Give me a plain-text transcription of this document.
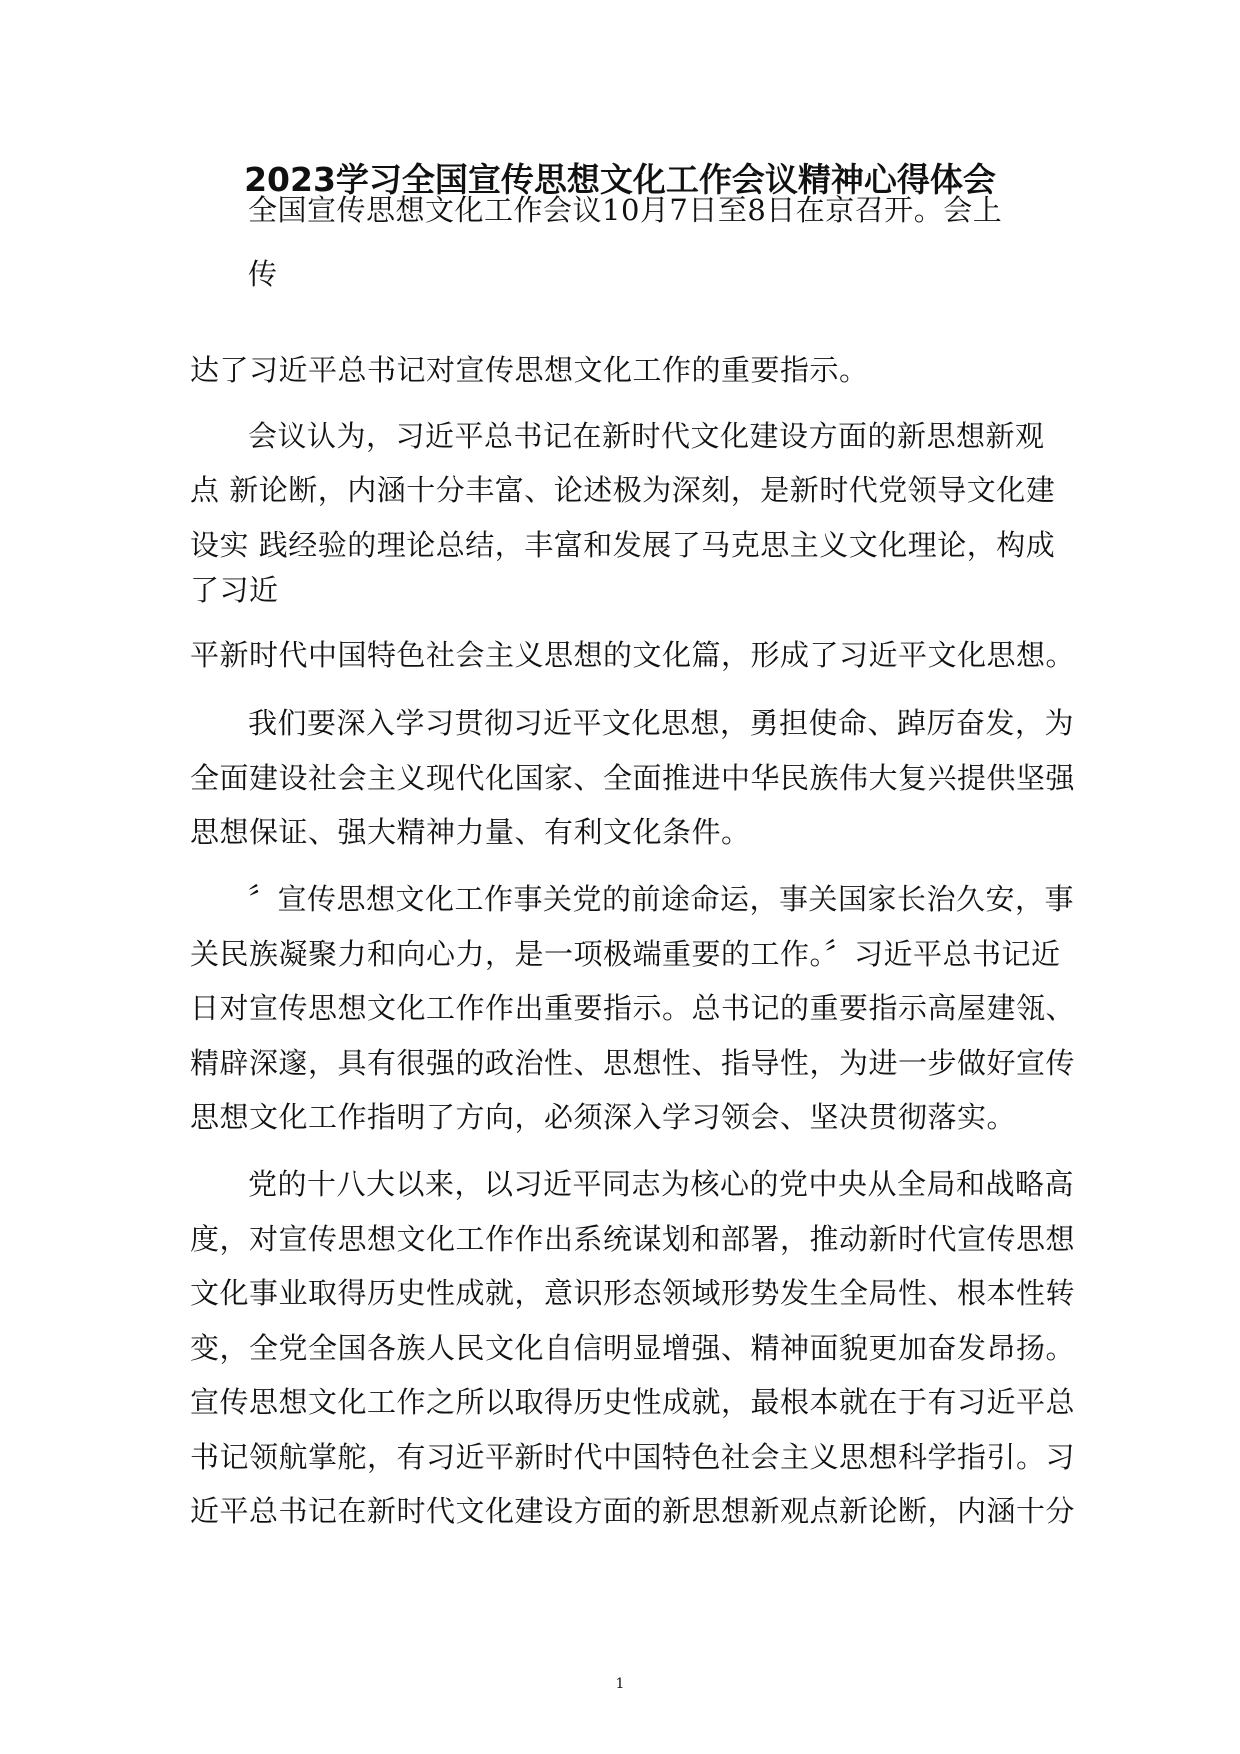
2023学习全国宣传思想文化工作会议精神心得体会
全国宣传思想文化工作会议10月7日至8日在京召开。会上
传
达了习近平总书记对宣传思想文化工作的重要指示。
会议认为，习近平总书记在新时代文化建设方面的新思想新观
点 新论断，内涵十分丰富、论述极为深刻，是新时代党领导文化建
设实 践经验的理论总结，丰富和发展了马克思主义文化理论，构成
了习近
平新时代中国特色社会主义思想的文化篇，形成了习近平文化思想。
我们要深入学习贯彻习近平文化思想，勇担使命、踔厉奋发，为
全面建设社会主义现代化国家、全面推进中华民族伟大复兴提供坚强
思想保证、强大精神力量、有利文化条件。
〞宣传思想文化工作事关党的前途命运，事关国家长治久安，事
关民族凝聚力和向心力，是一项极端重要的工作。〞习近平总书记近
日对宣传思想文化工作作出重要指示。总书记的重要指示高屋建瓴、
精辟深邃，具有很强的政治性、思想性、指导性，为进一步做好宣传
思想文化工作指明了方向，必须深入学习领会、坚决贯彻落实。
党的十八大以来，以习近平同志为核心的党中央从全局和战略高
度，对宣传思想文化工作作出系统谋划和部署，推动新时代宣传思想
文化事业取得历史性成就，意识形态领域形势发生全局性、根本性转
变，全党全国各族人民文化自信明显增强、精神面貌更加奋发昂扬。
宣传思想文化工作之所以取得历史性成就，最根本就在于有习近平总
书记领航掌舵，有习近平新时代中国特色社会主义思想科学指引。习
近平总书记在新时代文化建设方面的新思想新观点新论断，内涵十分
1
